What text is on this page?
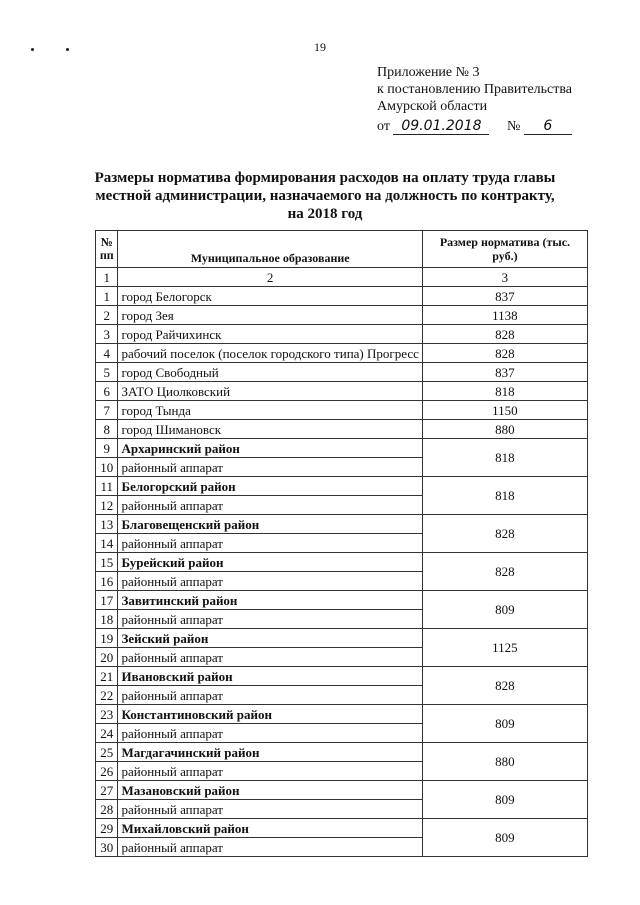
19
Приложение № 3
к постановлению Правительства
Амурской области
от 09.01.2018 № 6
Размеры норматива формирования расходов на оплату труда главы местной администрации, назначаемого на должность по контракту, на 2018 год
№
пп	Муниципальное образование	Размер норматива (тыс. руб.)
1	2	3
1	город Белогорск	837
2	город Зея	1138
3	город Райчихинск	828
4	рабочий поселок (поселок городского типа) Прогресс	828
5	город Свободный	837
6	ЗАТО Циолковский	818
7	город Тында	1150
8	город Шимановск	880
9	Архаринский район	818
10	районный аппарат	
11	Белогорский район	818
12	районный аппарат	
13	Благовещенский район	828
14	районный аппарат	
15	Бурейский район	828
16	районный аппарат	
17	Завитинский район	809
18	районный аппарат	
19	Зейский район	1125
20	районный аппарат	
21	Ивановский район	828
22	районный аппарат	
23	Константиновский район	809
24	районный аппарат	
25	Магдагачинский район	880
26	районный аппарат	
27	Мазановский район	809
28	районный аппарат	
29	Михайловский район	809
30	районный аппарат	
